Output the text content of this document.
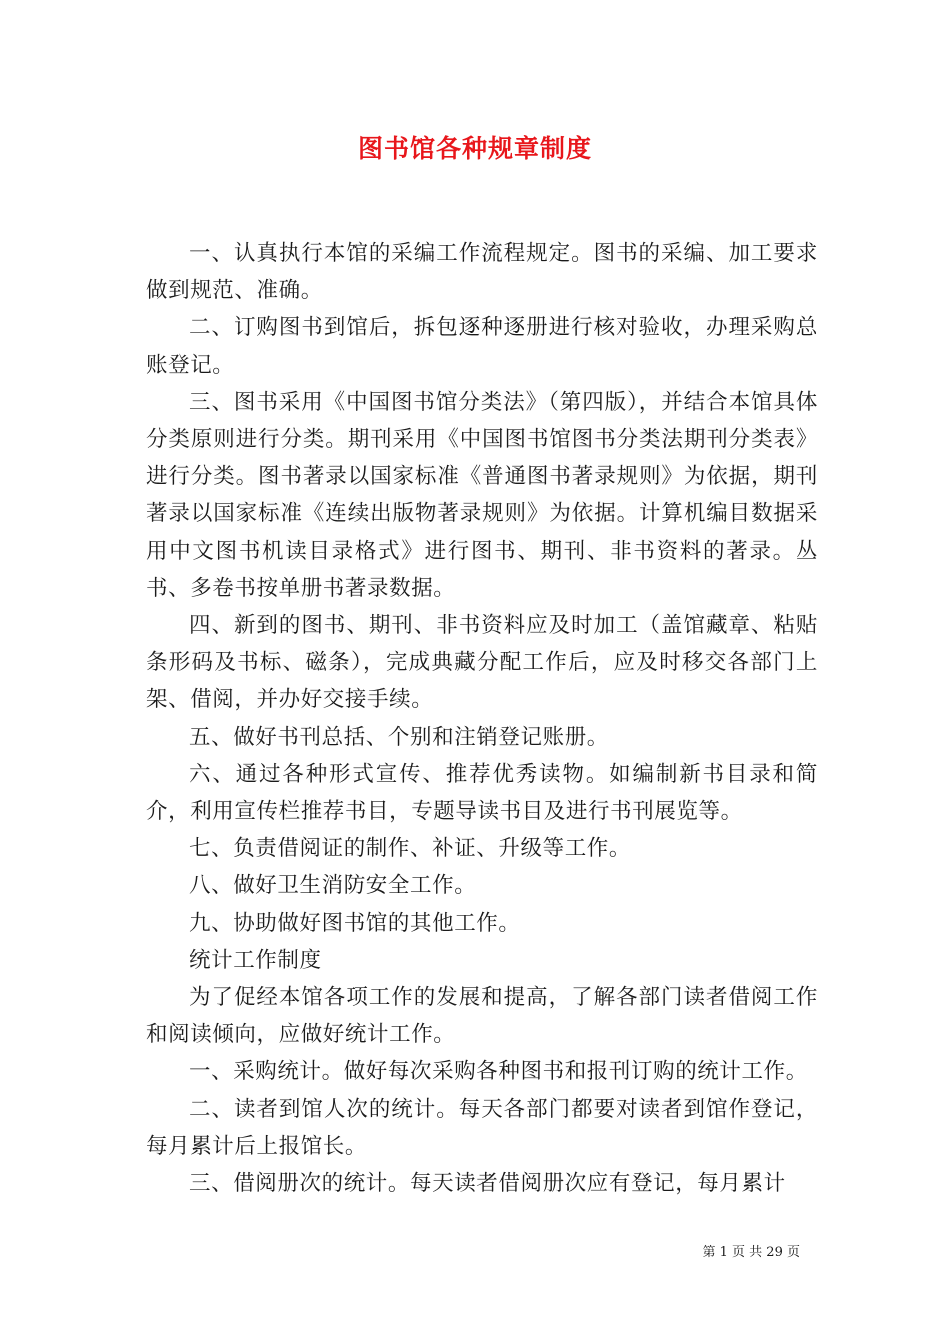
图书馆各种规章制度

一、认真执行本馆的采编工作流程规定。图书的采编、加工要求做到规范、准确。

二、订购图书到馆后，拆包逐种逐册进行核对验收，办理采购总账登记。

三、图书采用《中国图书馆分类法》（第四版），并结合本馆具体分类原则进行分类。期刊采用《中国图书馆图书分类法期刊分类表》进行分类。图书著录以国家标准《普通图书著录规则》为依据，期刊著录以国家标准《连续出版物著录规则》为依据。计算机编目数据采用中文图书机读目录格式》进行图书、期刊、非书资料的著录。丛书、多卷书按单册书著录数据。

四、新到的图书、期刊、非书资料应及时加工（盖馆藏章、粘贴条形码及书标、磁条），完成典藏分配工作后，应及时移交各部门上架、借阅，并办好交接手续。

五、做好书刊总括、个别和注销登记账册。

六、通过各种形式宣传、推荐优秀读物。如编制新书目录和简介，利用宣传栏推荐书目，专题导读书目及进行书刊展览等。

七、负责借阅证的制作、补证、升级等工作。

八、做好卫生消防安全工作。

九、协助做好图书馆的其他工作。

统计工作制度

为了促经本馆各项工作的发展和提高，了解各部门读者借阅工作和阅读倾向，应做好统计工作。

一、采购统计。做好每次采购各种图书和报刊订购的统计工作。

二、读者到馆人次的统计。每天各部门都要对读者到馆作登记，每月累计后上报馆长。

三、借阅册次的统计。每天读者借阅册次应有登记，每月累计

第 1 页 共 29 页
